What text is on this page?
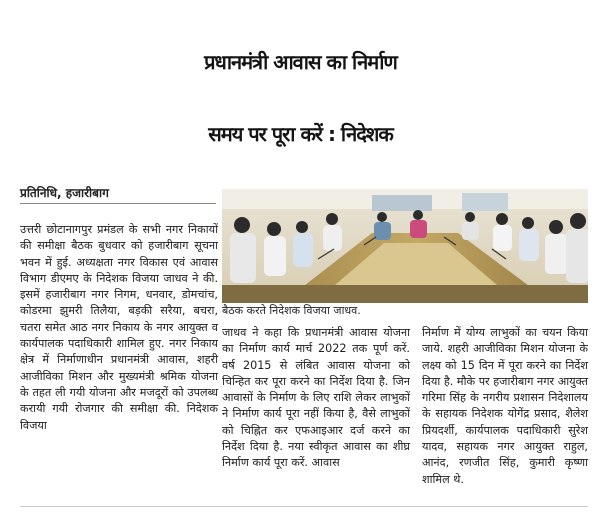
प्रधानमंत्री आवास का निर्माण
समय पर पूरा करें : निदेशक
प्रतिनिधि, हजारीबाग

उत्तरी छोटानागपुर प्रमंडल के सभी नगर निकायों की समीक्षा बैठक बुधवार को हजारीबाग सूचना भवन में हुई. अध्यक्षता नगर विकास एवं आवास विभाग डीएमए के निदेशक विजया जाधव ने की. इसमें हजारीबाग नगर निगम, धनवार, डोमचांच, कोडरमा झुमरी तिलैया, बड़की सरैया, बचरा, चतरा समेत आठ नगर निकाय के नगर आयुक्त व कार्यपालक पदाधिकारी शामिल हुए. नगर निकाय क्षेत्र में निर्माणाधीन प्रधानमंत्री आवास, शहरी आजीविका मिशन और मुख्यमंत्री श्रमिक योजना के तहत ली गयी योजना और मजदूरों को उपलब्ध करायी गयी रोजगार की समीक्षा की. निदेशक विजया

बैठक करते निदेशक विजया जाधव.

जाधव ने कहा कि प्रधानमंत्री आवास योजना का निर्माण कार्य मार्च 2022 तक पूर्ण करें. वर्ष 2015 से लंबित आवास योजना को चिन्हित कर पूरा करने का निर्देश दिया है. जिन आवासों के निर्माण के लिए राशि लेकर लाभुकों ने निर्माण कार्य पूरा नहीं किया है, वैसे लाभुकों को चिह्नित कर एफआइआर दर्ज करने का निर्देश दिया है. नया स्वीकृत आवास का शीघ्र निर्माण कार्य पूरा करें. आवास

निर्माण में योग्य लाभुकों का चयन किया जाये. शहरी आजीविका मिशन योजना के लक्ष्य को 15 दिन में पूरा करने का निर्देश दिया है. मौके पर हजारीबाग नगर आयुक्त गरिमा सिंह के नगरीय प्रशासन निदेशालय के सहायक निदेशक योगेंद्र प्रसाद, शैलेश प्रियदर्शी, कार्यपालक पदाधिकारी सुरेश यादव, सहायक नगर आयुक्त राहुल, आनंद, रणजीत सिंह, कुमारी कृष्णा शामिल थे.
